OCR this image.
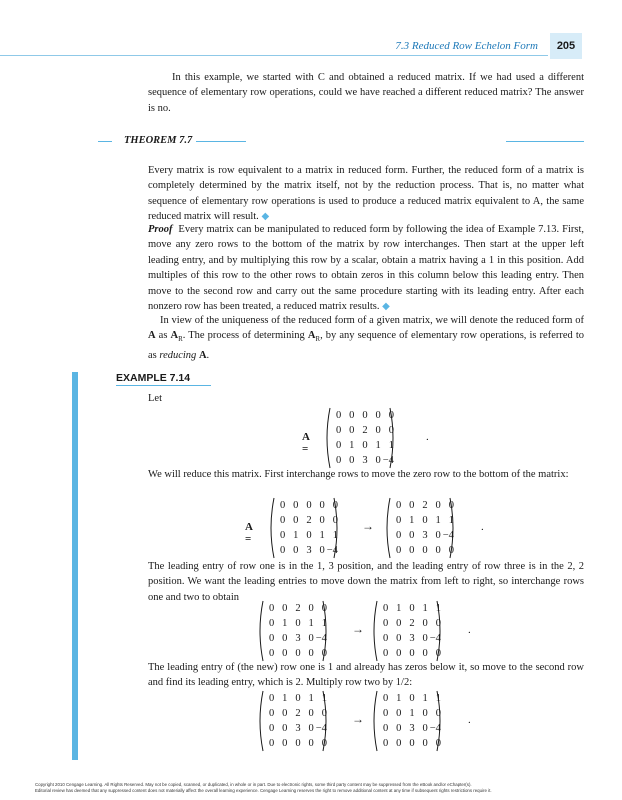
7.3 Reduced Row Echelon Form	205

In this example, we started with C and obtained a reduced matrix. If we had used a different sequence of elementary row operations, could we have reached a different reduced matrix? The answer is no.

THEOREM 7.7

Every matrix is row equivalent to a matrix in reduced form. Further, the reduced form of a matrix is completely determined by the matrix itself, not by the reduction process. That is, no matter what sequence of elementary row operations is used to produce a reduced matrix equivalent to A, the same reduced matrix will result. ◆

Proof Every matrix can be manipulated to reduced form by following the idea of Example 7.13. First, move any zero rows to the bottom of the matrix by row interchanges. Then start at the upper left leading entry, and by multiplying this row by a scalar, obtain a matrix having a 1 in this position. Add multiples of this row to the other rows to obtain zeros in this column below this leading entry. Then move to the second row and carry out the same procedure starting with its leading entry. After each nonzero row has been treated, a reduced matrix results. ◆

In view of the uniqueness of the reduced form of a given matrix, we will denote the reduced form of A as $A_R$. The process of determining $A_R$, by any sequence of elementary row operations, is referred to as reducing A.

EXAMPLE 7.14

Let

A =
0 0 0 0 0
0 0 2 0 0
0 1 0 1 1
0 0 3 0 −4
.

We will reduce this matrix. First interchange rows to move the zero row to the bottom of the matrix:

A =
0 0 0 0 0
0 0 2 0 0
0 1 0 1 1
0 0 3 0 −4
→
0 0 2 0 0
0 1 0 1 1
0 0 3 0 −4
0 0 0 0 0
.

The leading entry of row one is in the 1, 3 position, and the leading entry of row three is in the 2, 2 position. We want the leading entries to move down the matrix from left to right, so interchange rows one and two to obtain

0 0 2 0 0
0 1 0 1 1
0 0 3 0 −4
0 0 0 0 0
→
0 1 0 1 1
0 0 2 0 0
0 0 3 0 −4
0 0 0 0 0
.

The leading entry of (the new) row one is 1 and already has zeros below it, so move to the second row and find its leading entry, which is 2. Multiply row two by 1/2:

0 1 0 1 1
0 0 2 0 0
0 0 3 0 −4
0 0 0 0 0
→
0 1 0 1 1
0 0 1 0 0
0 0 3 0 −4
0 0 0 0 0
.
Copyright 2010 Cengage Learning. All Rights Reserved. May not be copied, scanned, or duplicated, in whole or in part. Due to electronic rights, some third party content may be suppressed from the eBook and/or eChapter(s).
Editorial review has deemed that any suppressed content does not materially affect the overall learning experience. Cengage Learning reserves the right to remove additional content at any time if subsequent rights restrictions require it.
